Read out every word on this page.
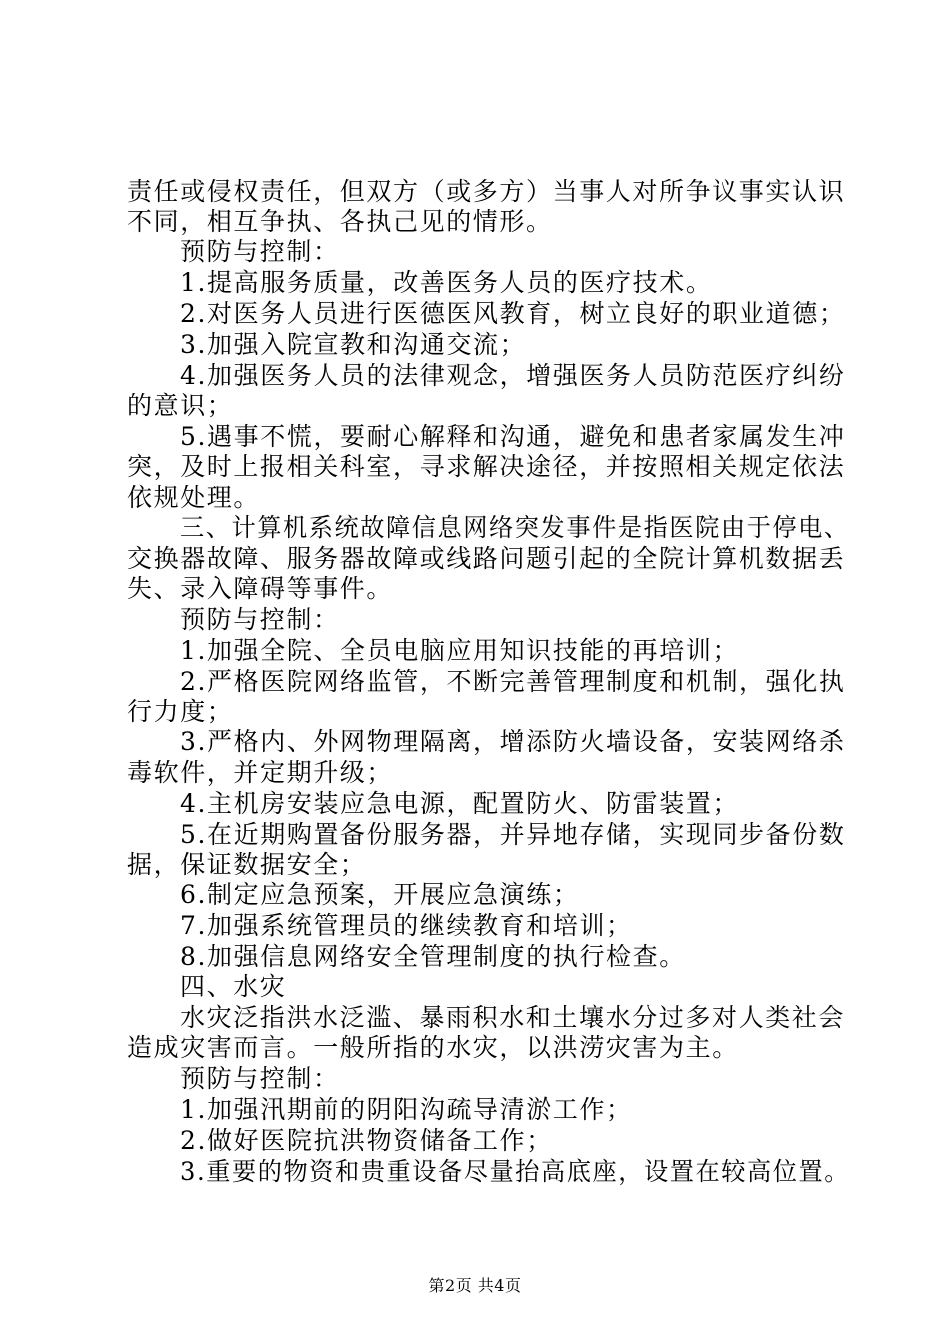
责任或侵权责任，但双方（或多方）当事人对所争议事实认识
不同，相互争执、各执己见的情形。
预防与控制：
1.提高服务质量，改善医务人员的医疗技术。
2.对医务人员进行医德医风教育，树立良好的职业道德；
3.加强入院宣教和沟通交流；
4.加强医务人员的法律观念，增强医务人员防范医疗纠纷
的意识；
5.遇事不慌，要耐心解释和沟通，避免和患者家属发生冲
突，及时上报相关科室，寻求解决途径，并按照相关规定依法
依规处理。
三、计算机系统故障信息网络突发事件是指医院由于停电、
交换器故障、服务器故障或线路问题引起的全院计算机数据丢
失、录入障碍等事件。
预防与控制：
1.加强全院、全员电脑应用知识技能的再培训；
2.严格医院网络监管，不断完善管理制度和机制，强化执
行力度；
3.严格内、外网物理隔离，增添防火墙设备，安装网络杀
毒软件，并定期升级；
4.主机房安装应急电源，配置防火、防雷装置；
5.在近期购置备份服务器，并异地存储，实现同步备份数
据，保证数据安全；
6.制定应急预案，开展应急演练；
7.加强系统管理员的继续教育和培训；
8.加强信息网络安全管理制度的执行检查。
四、水灾
水灾泛指洪水泛滥、暴雨积水和土壤水分过多对人类社会
造成灾害而言。一般所指的水灾，以洪涝灾害为主。
预防与控制：
1.加强汛期前的阴阳沟疏导清淤工作；
2.做好医院抗洪物资储备工作；
3.重要的物资和贵重设备尽量抬高底座，设置在较高位置。
第2页 共4页
